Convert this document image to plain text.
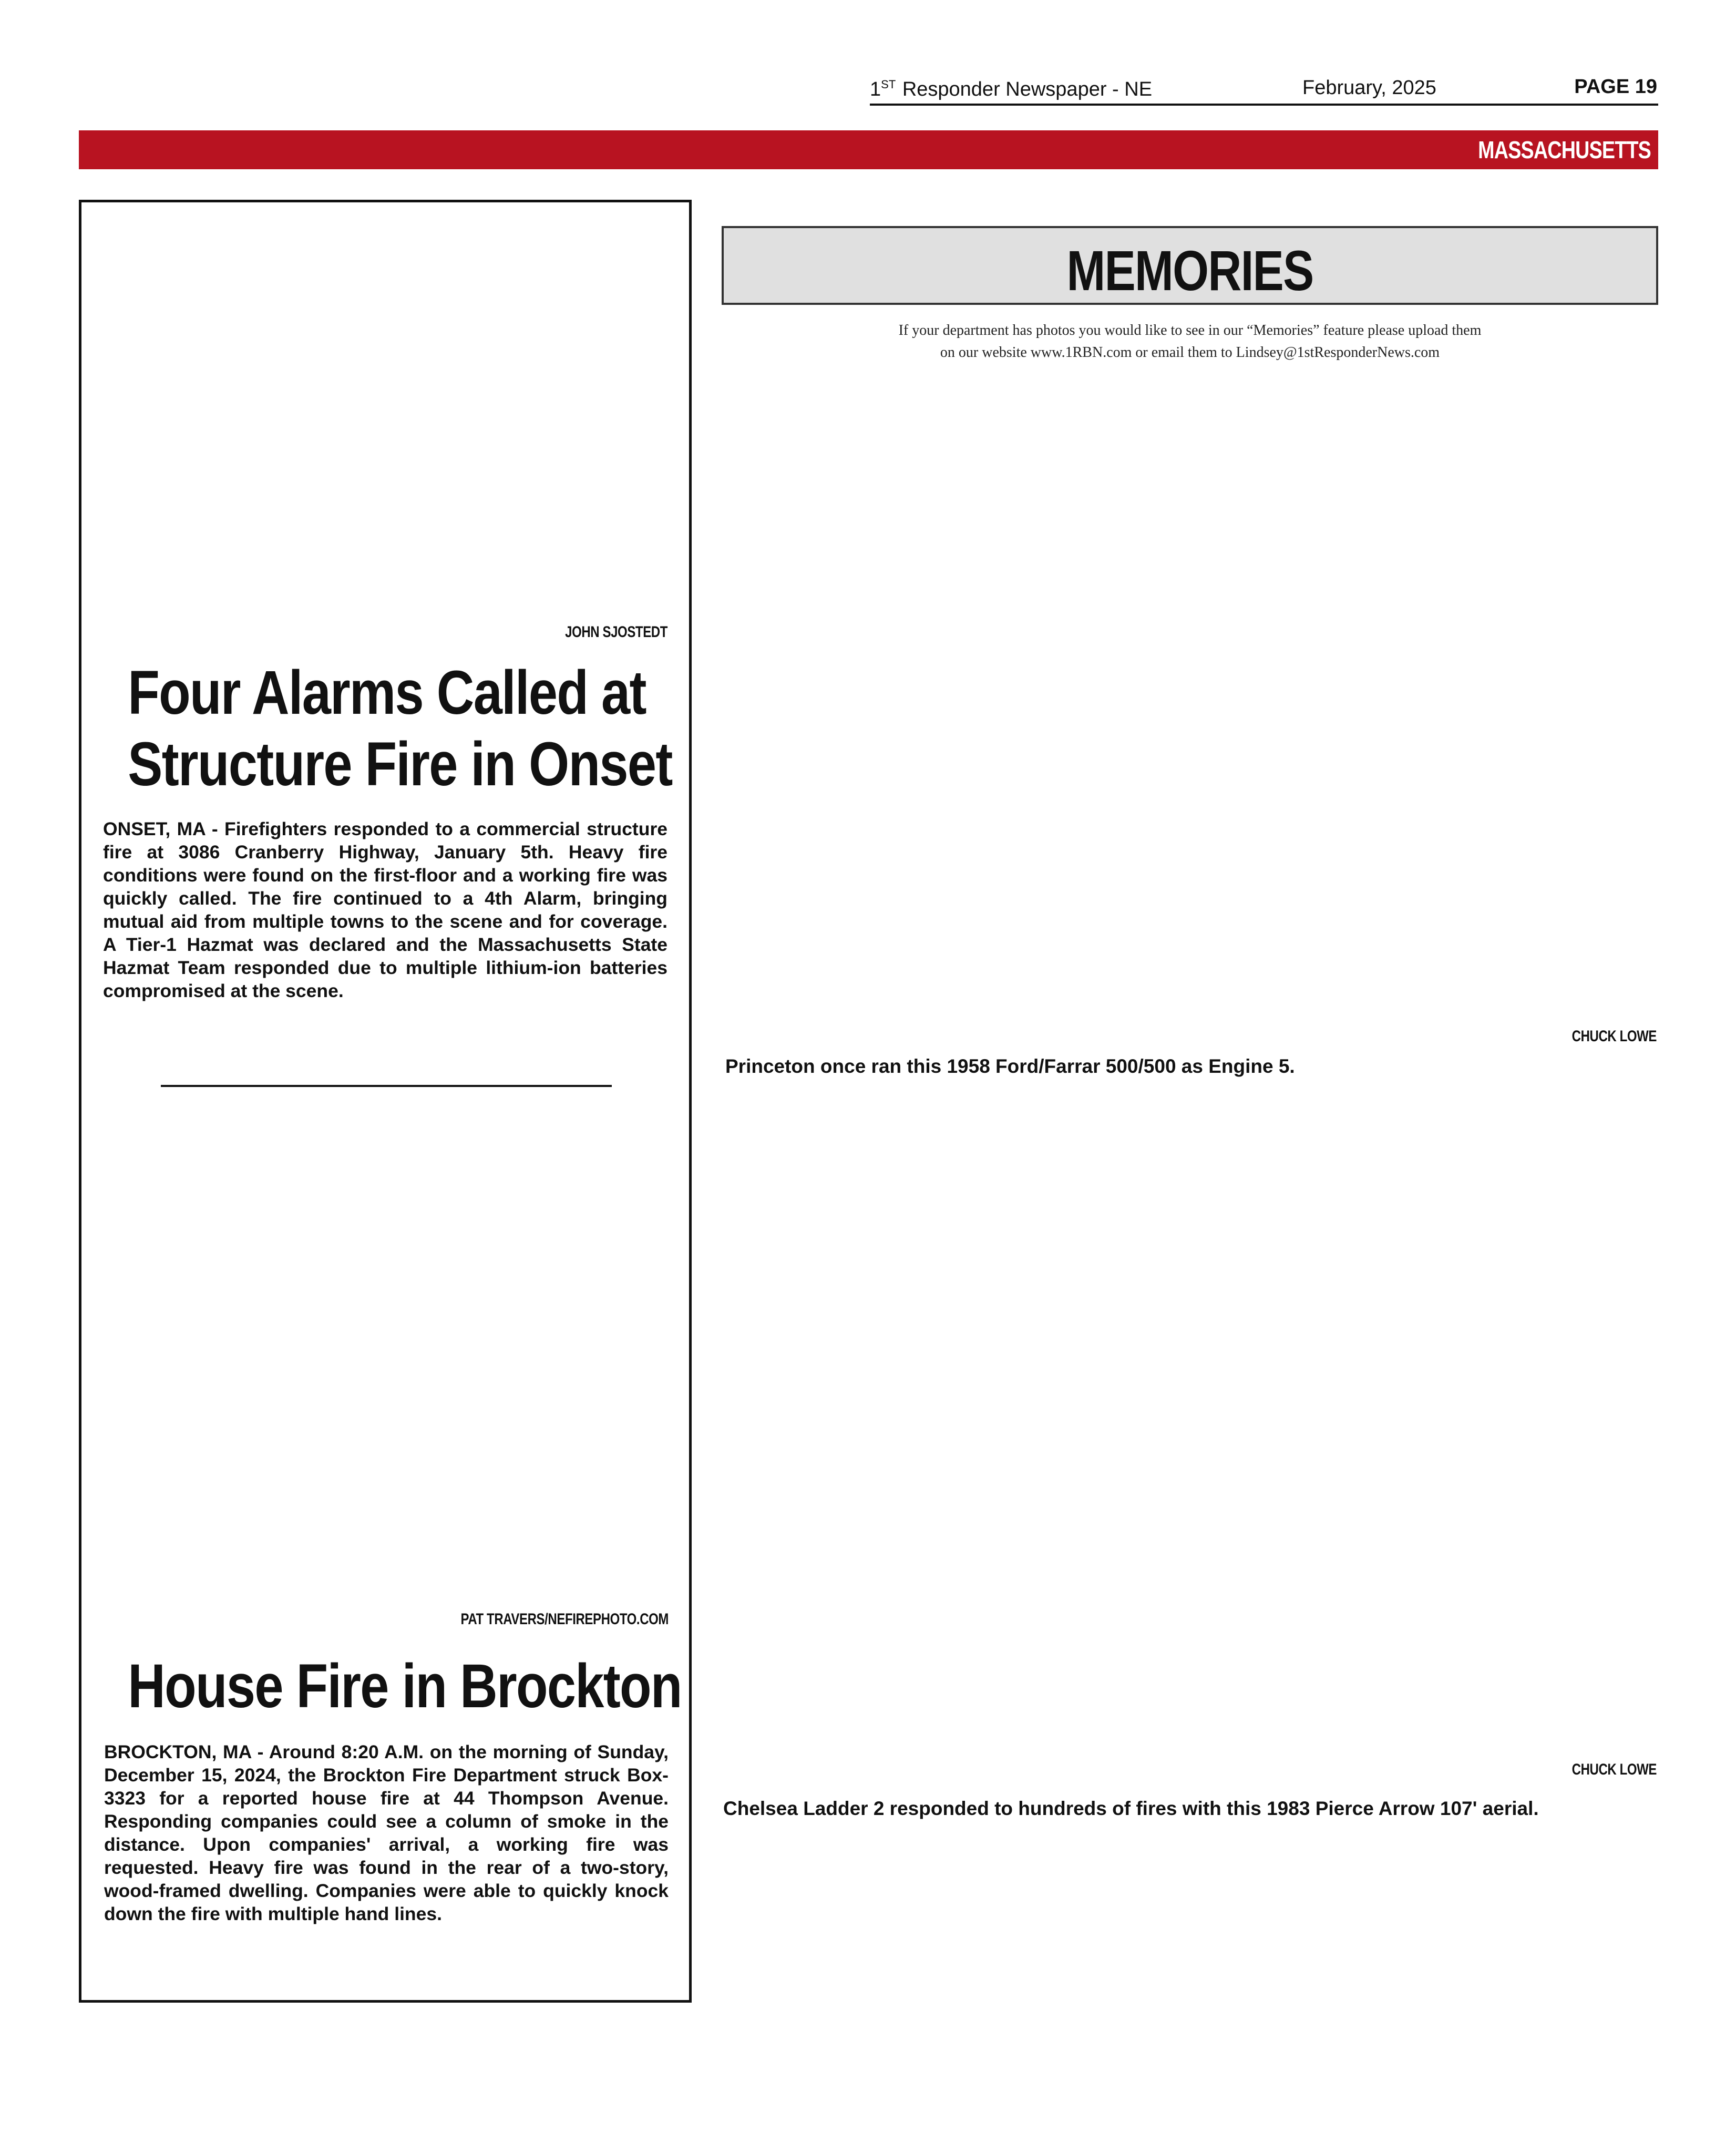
1ST Responder Newspaper - NE	February, 2025	PAGE 19
MASSACHUSETTS
JOHN SJOSTEDT
Four Alarms Called at
Structure Fire in Onset

ONSET, MA - Firefighters responded to a commercial structure fire at 3086 Cranberry Highway, January 5th. Heavy fire conditions were found on the first-floor and a working fire was quickly called. The fire continued to a 4th Alarm, bringing mutual aid from multiple towns to the scene and for coverage. A Tier-1 Hazmat was declared and the Massachusetts State Hazmat Team responded due to multiple lithium-ion batteries compromised at the scene.

PAT TRAVERS/NEFIREPHOTO.COM
House Fire in Brockton

BROCKTON, MA - Around 8:20 A.M. on the morning of Sunday, December 15, 2024, the Brockton Fire Department struck Box-3323 for a reported house fire at 44 Thompson Avenue. Responding companies could see a column of smoke in the distance. Upon companies' arrival, a working fire was requested. Heavy fire was found in the rear of a two-story, wood-framed dwelling. Companies were able to quickly knock down the fire with multiple hand lines.

MEMORIES
If your department has photos you would like to see in our “Memories” feature please upload them
on our website www.1RBN.com or email them to Lindsey@1stResponderNews.com
CHUCK LOWE
Princeton once ran this 1958 Ford/Farrar 500/500 as Engine 5.
CHUCK LOWE
Chelsea Ladder 2 responded to hundreds of fires with this 1983 Pierce Arrow 107' aerial.
